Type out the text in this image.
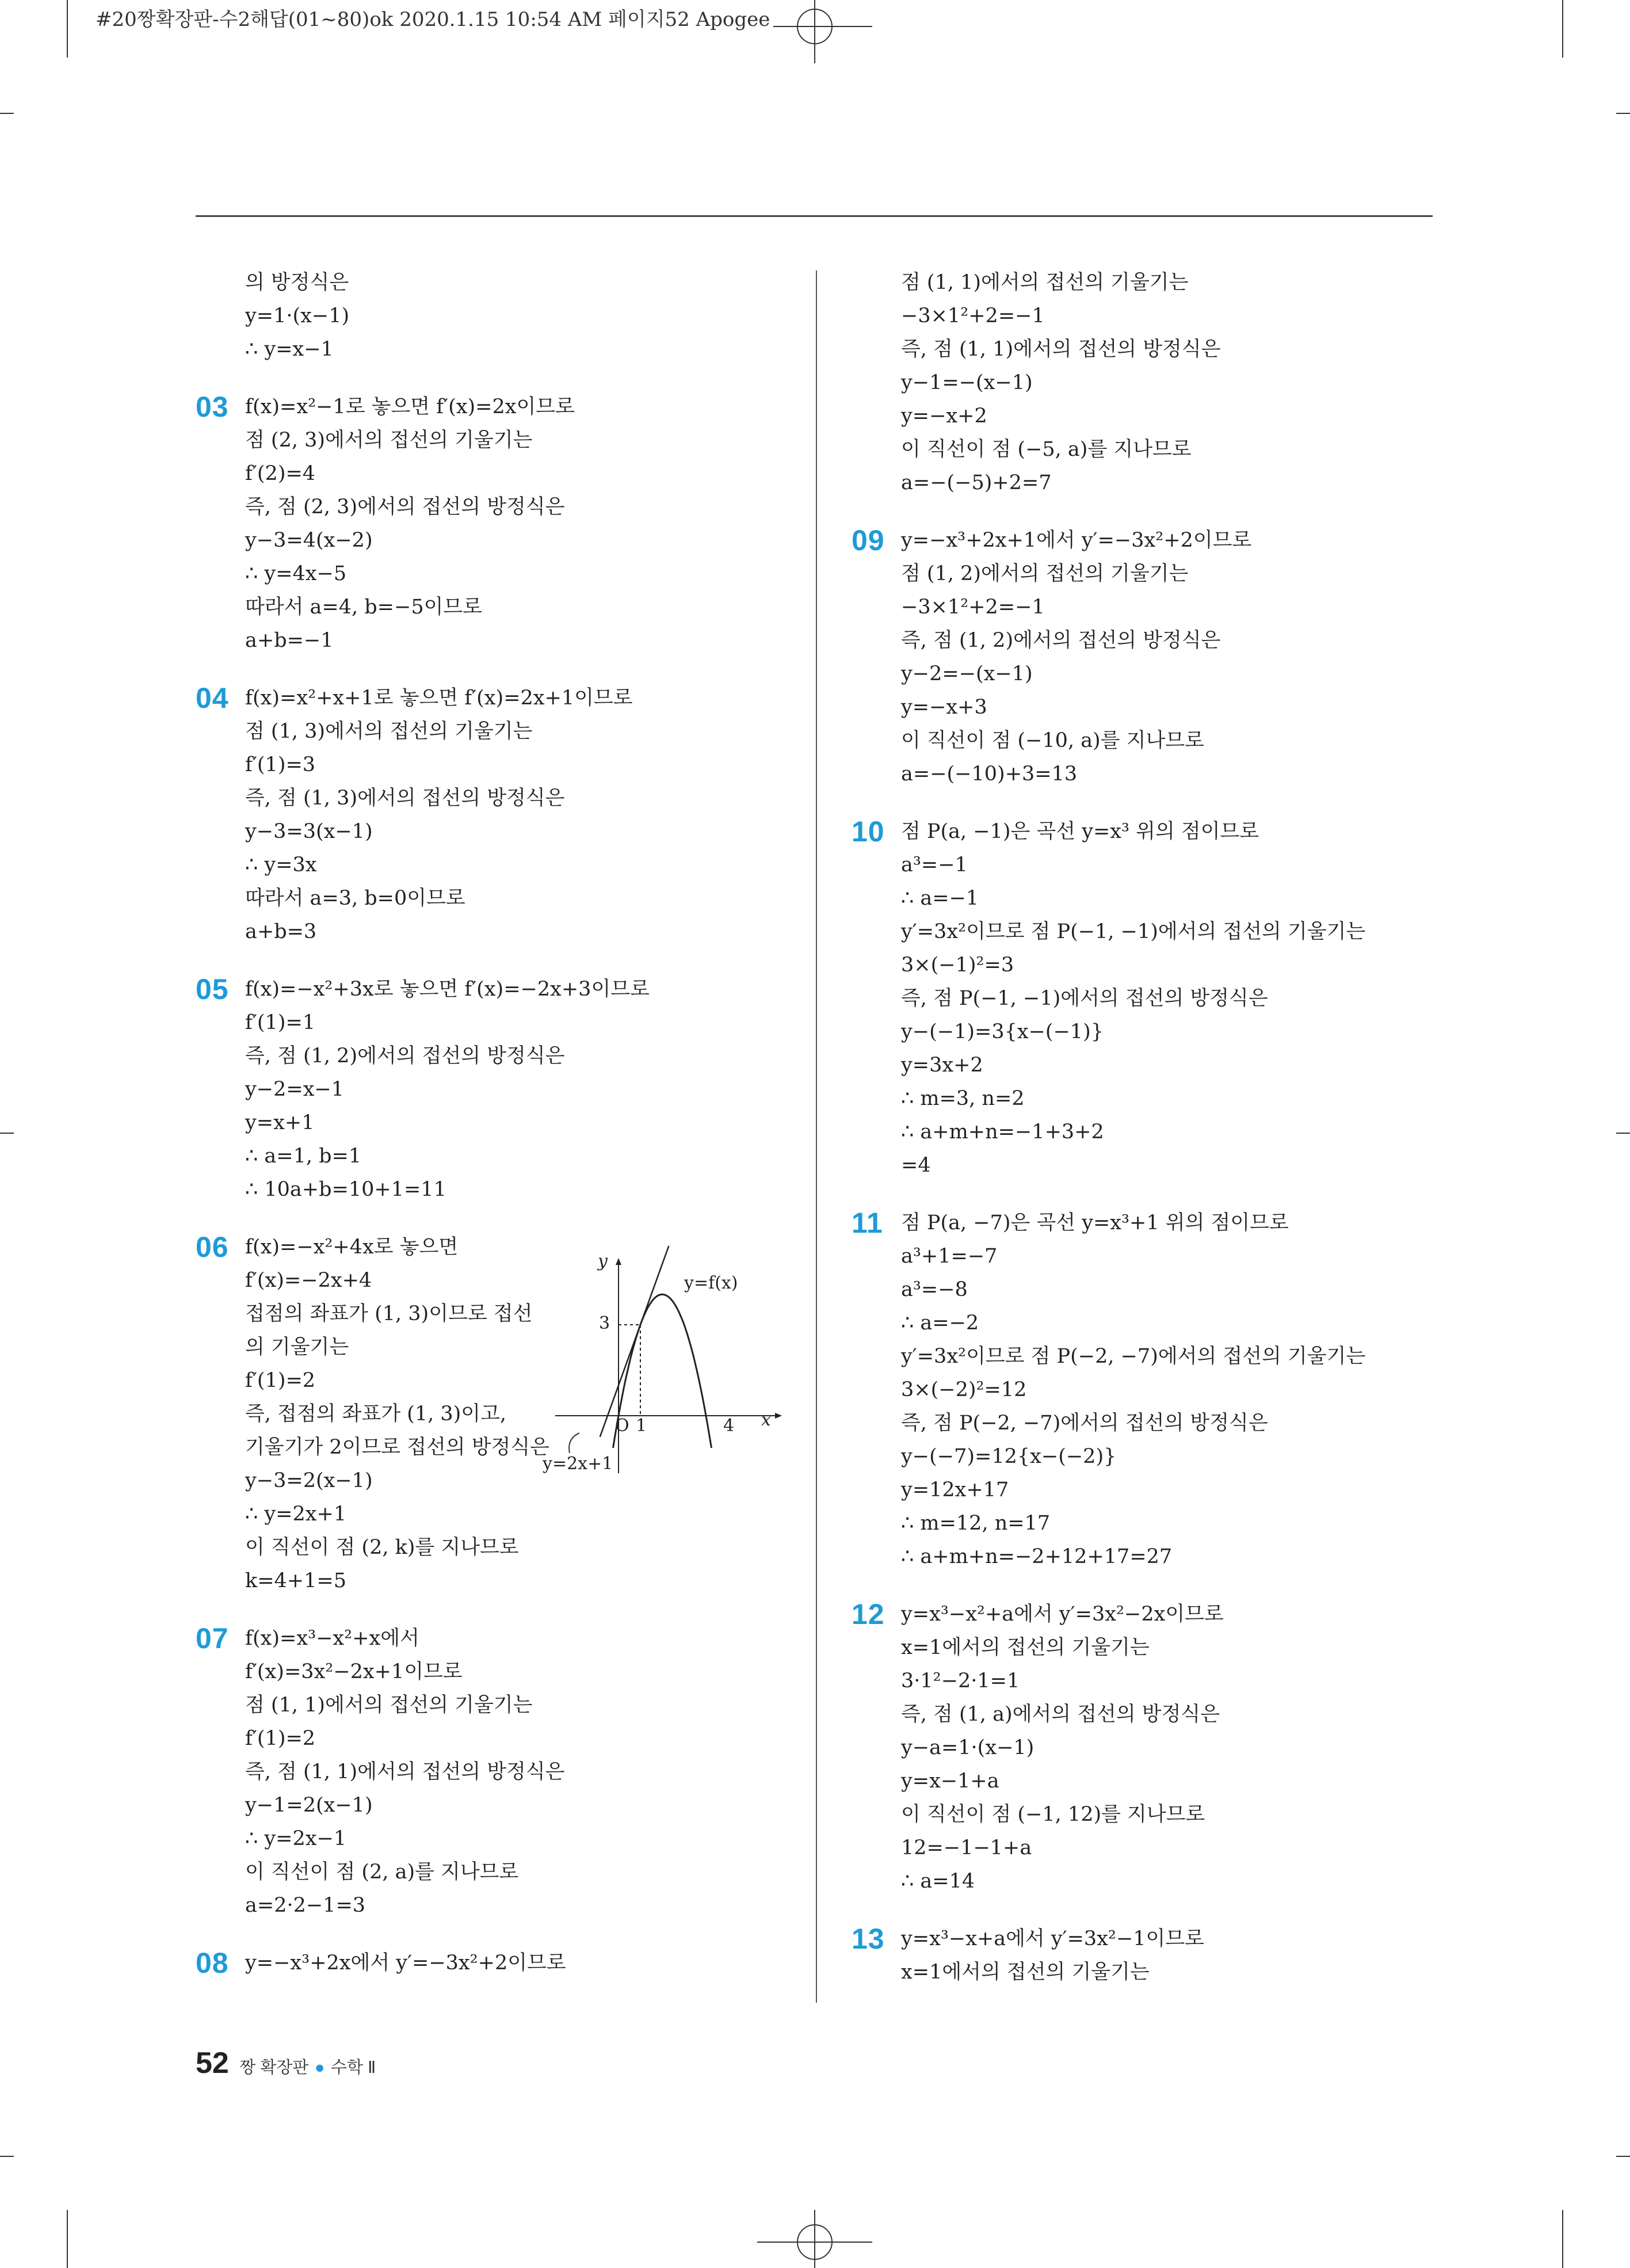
#20짱확장판-수2해답(01~80)ok 2020.1.15 10:54 AM 페이지52 Apogee
의 방정식은
y=1·(x−1)
∴ y=x−1
03 f(x)=x²−1로 놓으면 f′(x)=2x이므로
점 (2, 3)에서의 접선의 기울기는
f′(2)=4
즉, 점 (2, 3)에서의 접선의 방정식은
y−3=4(x−2)
∴ y=4x−5
따라서 a=4, b=−5이므로
a+b=−1
04 f(x)=x²+x+1로 놓으면 f′(x)=2x+1이므로
점 (1, 3)에서의 접선의 기울기는
f′(1)=3
즉, 점 (1, 3)에서의 접선의 방정식은
y−3=3(x−1)
∴ y=3x
따라서 a=3, b=0이므로
a+b=3
05 f(x)=−x²+3x로 놓으면 f′(x)=−2x+3이므로
f′(1)=1
즉, 점 (1, 2)에서의 접선의 방정식은
y−2=x−1
y=x+1
∴ a=1, b=1
∴ 10a+b=10+1=11
06 f(x)=−x²+4x로 놓으면
f′(x)=−2x+4
접점의 좌표가 (1, 3)이므로 접선
의 기울기는
f′(1)=2
즉, 접점의 좌표가 (1, 3)이고,
기울기가 2이므로 접선의 방정식은
y−3=2(x−1)
∴ y=2x+1
이 직선이 점 (2, k)를 지나므로
k=4+1=5
07 f(x)=x³−x²+x에서
f′(x)=3x²−2x+1이므로
점 (1, 1)에서의 접선의 기울기는
f′(1)=2
즉, 점 (1, 1)에서의 접선의 방정식은
y−1=2(x−1)
∴ y=2x−1
이 직선이 점 (2, a)를 지나므로
a=2·2−1=3
08 y=−x³+2x에서 y′=−3x²+2이므로
점 (1, 1)에서의 접선의 기울기는
−3×1²+2=−1
즉, 점 (1, 1)에서의 접선의 방정식은
y−1=−(x−1)
y=−x+2
이 직선이 점 (−5, a)를 지나므로
a=−(−5)+2=7
09 y=−x³+2x+1에서 y′=−3x²+2이므로
점 (1, 2)에서의 접선의 기울기는
−3×1²+2=−1
즉, 점 (1, 2)에서의 접선의 방정식은
y−2=−(x−1)
y=−x+3
이 직선이 점 (−10, a)를 지나므로
a=−(−10)+3=13
10 점 P(a, −1)은 곡선 y=x³ 위의 점이므로
a³=−1
∴ a=−1
y′=3x²이므로 점 P(−1, −1)에서의 접선의 기울기는
3×(−1)²=3
즉, 점 P(−1, −1)에서의 접선의 방정식은
y−(−1)=3{x−(−1)}
y=3x+2
∴ m=3, n=2
∴ a+m+n=−1+3+2
=4
11 점 P(a, −7)은 곡선 y=x³+1 위의 점이므로
a³+1=−7
a³=−8
∴ a=−2
y′=3x²이므로 점 P(−2, −7)에서의 접선의 기울기는
3×(−2)²=12
즉, 점 P(−2, −7)에서의 접선의 방정식은
y−(−7)=12{x−(−2)}
y=12x+17
∴ m=12, n=17
∴ a+m+n=−2+12+17=27
12 y=x³−x²+a에서 y′=3x²−2x이므로
x=1에서의 접선의 기울기는
3·1²−2·1=1
즉, 점 (1, a)에서의 접선의 방정식은
y−a=1·(x−1)
y=x−1+a
이 직선이 점 (−1, 12)를 지나므로
12=−1−1+a
∴ a=14
13 y=x³−x+a에서 y′=3x²−1이므로
x=1에서의 접선의 기울기는
y
x
y=f(x)
3
O 1	4
y=2x+1
52 짱 확장판 ● 수학 Ⅱ
